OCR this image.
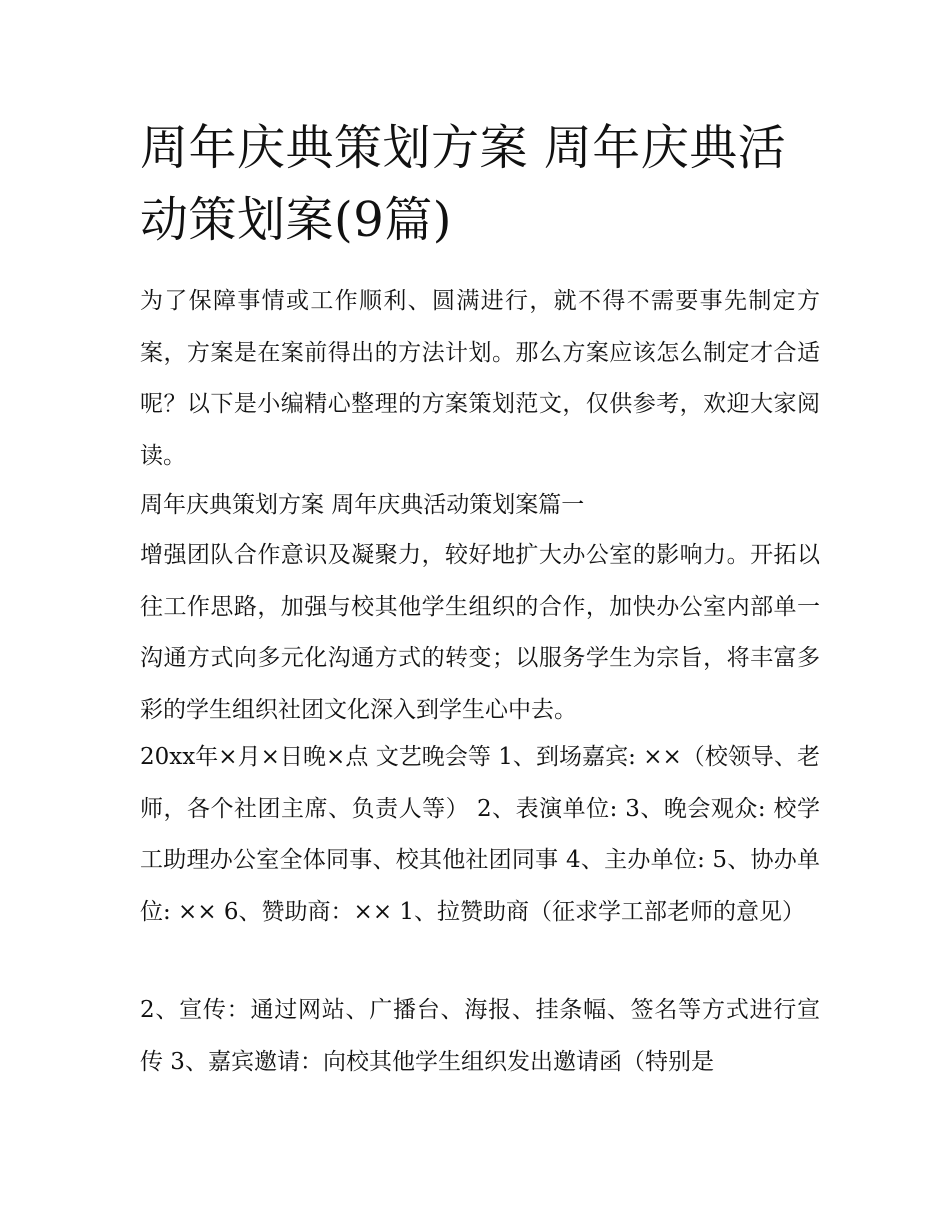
周年庆典策划方案 周年庆典活动策划案(9篇)

为了保障事情或工作顺利、圆满进行，就不得不需要事先制定方案，方案是在案前得出的方法计划。那么方案应该怎么制定才合适呢？以下是小编精心整理的方案策划范文，仅供参考，欢迎大家阅读。

周年庆典策划方案 周年庆典活动策划案篇一

增强团队合作意识及凝聚力，较好地扩大办公室的影响力。开拓以往工作思路，加强与校其他学生组织的合作，加快办公室内部单一沟通方式向多元化沟通方式的转变；以服务学生为宗旨，将丰富多彩的学生组织社团文化深入到学生心中去。

20xx年×月×日晚×点 文艺晚会等 1、到场嘉宾: ××（校领导、老师，各个社团主席、负责人等） 2、表演单位: 3、晚会观众: 校学工助理办公室全体同事、校其他社团同事 4、主办单位: 5、协办单位: ×× 6、赞助商：×× 1、拉赞助商（征求学工部老师的意见）

2、宣传：通过网站、广播台、海报、挂条幅、签名等方式进行宣传 3、嘉宾邀请：向校其他学生组织发出邀请函（特别是
